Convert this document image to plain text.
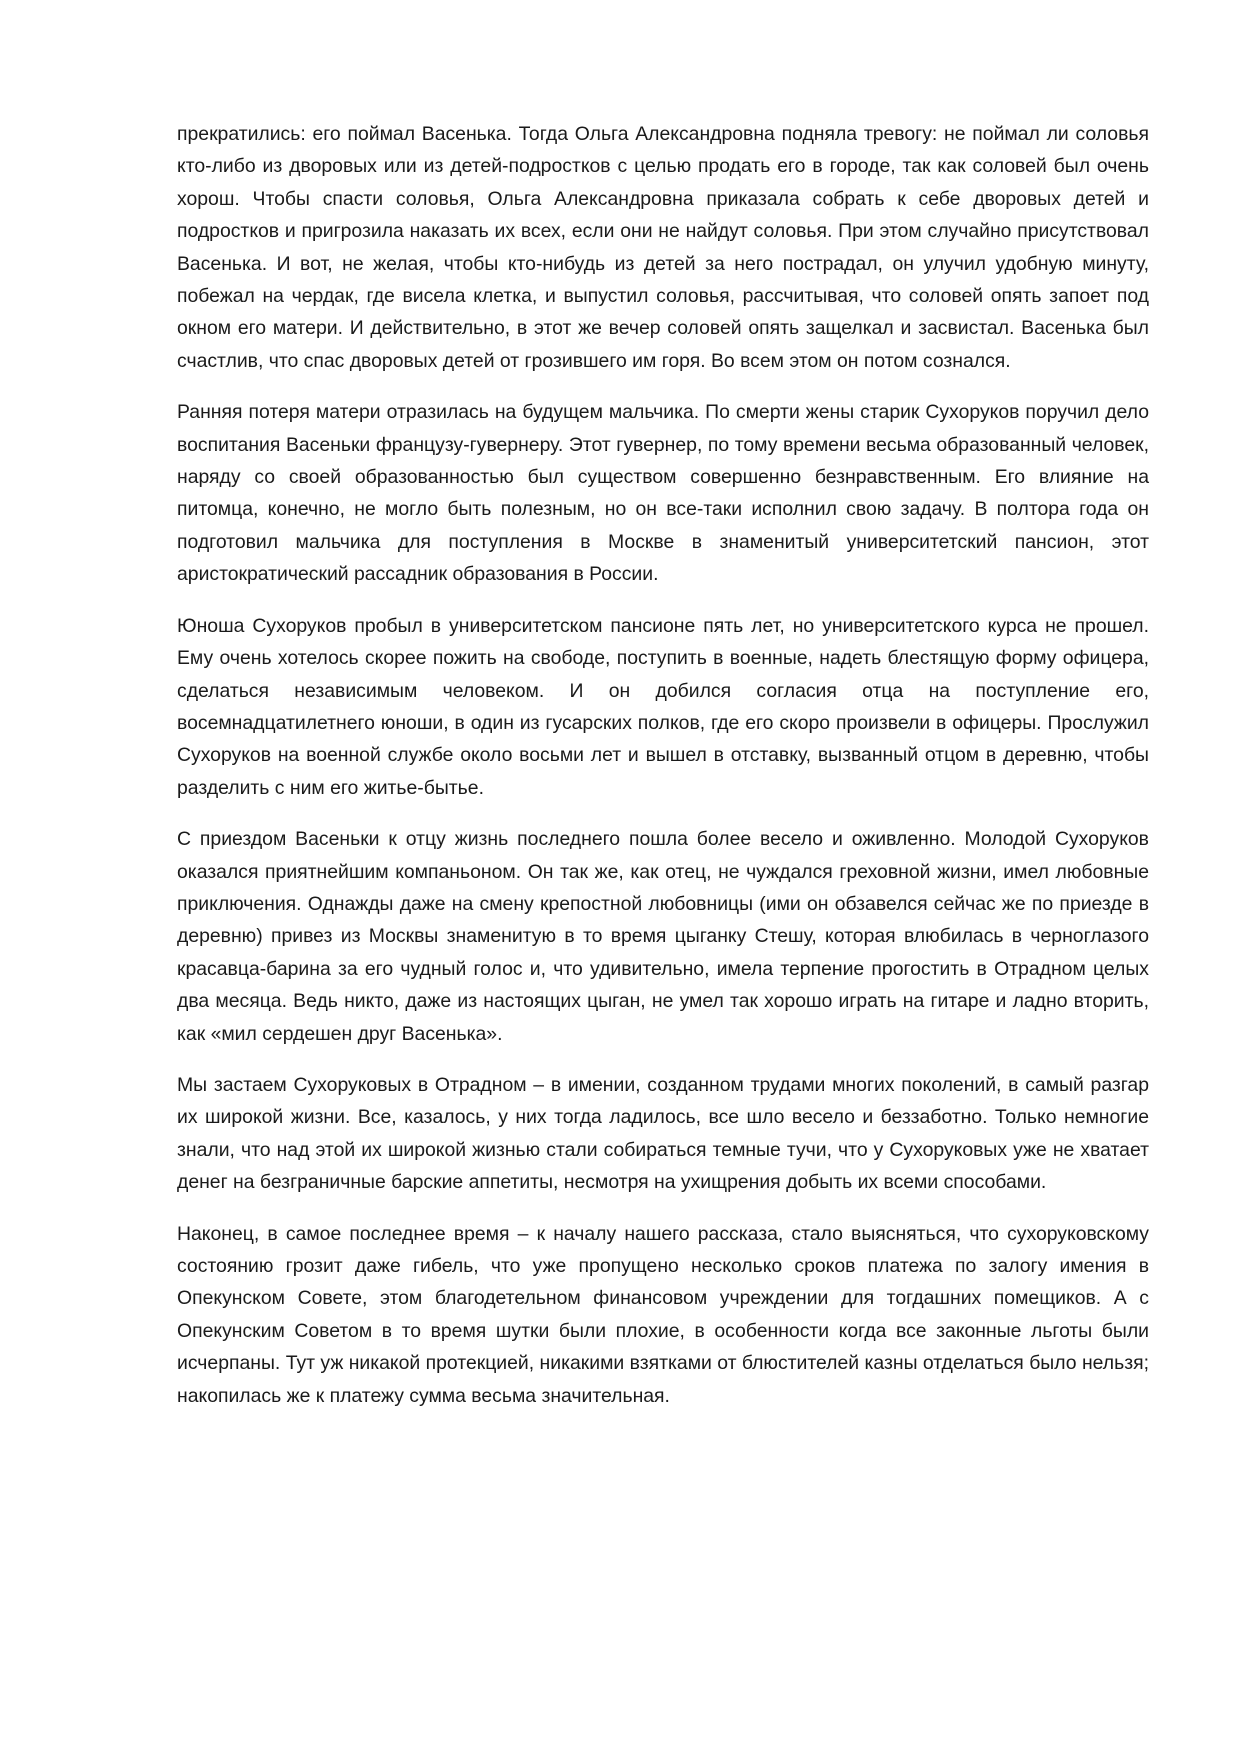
прекратились: его поймал Васенька. Тогда Ольга Александровна подняла тревогу: не поймал ли соловья кто-либо из дворовых или из детей-подростков с целью продать его в городе, так как соловей был очень хорош. Чтобы спасти соловья, Ольга Александровна приказала собрать к себе дворовых детей и подростков и пригрозила наказать их всех, если они не найдут соловья. При этом случайно присутствовал Васенька. И вот, не желая, чтобы кто-нибудь из детей за него пострадал, он улучил удобную минуту, побежал на чердак, где висела клетка, и выпустил соловья, рассчитывая, что соловей опять запоет под окном его матери. И действительно, в этот же вечер соловей опять защелкал и засвистал. Васенька был счастлив, что спас дворовых детей от грозившего им горя. Во всем этом он потом сознался.

Ранняя потеря матери отразилась на будущем мальчика. По смерти жены старик Сухоруков поручил дело воспитания Васеньки французу-гувернеру. Этот гувернер, по тому времени весьма образованный человек, наряду со своей образованностью был существом совершенно безнравственным. Его влияние на питомца, конечно, не могло быть полезным, но он все-таки исполнил свою задачу. В полтора года он подготовил мальчика для поступления в Москве в знаменитый университетский пансион, этот аристократический рассадник образования в России.

Юноша Сухоруков пробыл в университетском пансионе пять лет, но университетского курса не прошел. Ему очень хотелось скорее пожить на свободе, поступить в военные, надеть блестящую форму офицера, сделаться независимым человеком. И он добился согласия отца на поступление его, восемнадцатилетнего юноши, в один из гусарских полков, где его скоро произвели в офицеры. Прослужил Сухоруков на военной службе около восьми лет и вышел в отставку, вызванный отцом в деревню, чтобы разделить с ним его житье-бытье.

С приездом Васеньки к отцу жизнь последнего пошла более весело и оживленно. Молодой Сухоруков оказался приятнейшим компаньоном. Он так же, как отец, не чуждался греховной жизни, имел любовные приключения. Однажды даже на смену крепостной любовницы (ими он обзавелся сейчас же по приезде в деревню) привез из Москвы знаменитую в то время цыганку Стешу, которая влюбилась в черноглазого красавца-барина за его чудный голос и, что удивительно, имела терпение прогостить в Отрадном целых два месяца. Ведь никто, даже из настоящих цыган, не умел так хорошо играть на гитаре и ладно вторить, как «мил сердешен друг Васенька».

Мы застаем Сухоруковых в Отрадном – в имении, созданном трудами многих поколений, в самый разгар их широкой жизни. Все, казалось, у них тогда ладилось, все шло весело и беззаботно. Только немногие знали, что над этой их широкой жизнью стали собираться темные тучи, что у Сухоруковых уже не хватает денег на безграничные барские аппетиты, несмотря на ухищрения добыть их всеми способами.

Наконец, в самое последнее время – к началу нашего рассказа, стало выясняться, что сухоруковскому состоянию грозит даже гибель, что уже пропущено несколько сроков платежа по залогу имения в Опекунском Совете, этом благодетельном финансовом учреждении для тогдашних помещиков. А с Опекунским Советом в то время шутки были плохие, в особенности когда все законные льготы были исчерпаны. Тут уж никакой протекцией, никакими взятками от блюстителей казны отделаться было нельзя; накопилась же к платежу сумма весьма значительная.
